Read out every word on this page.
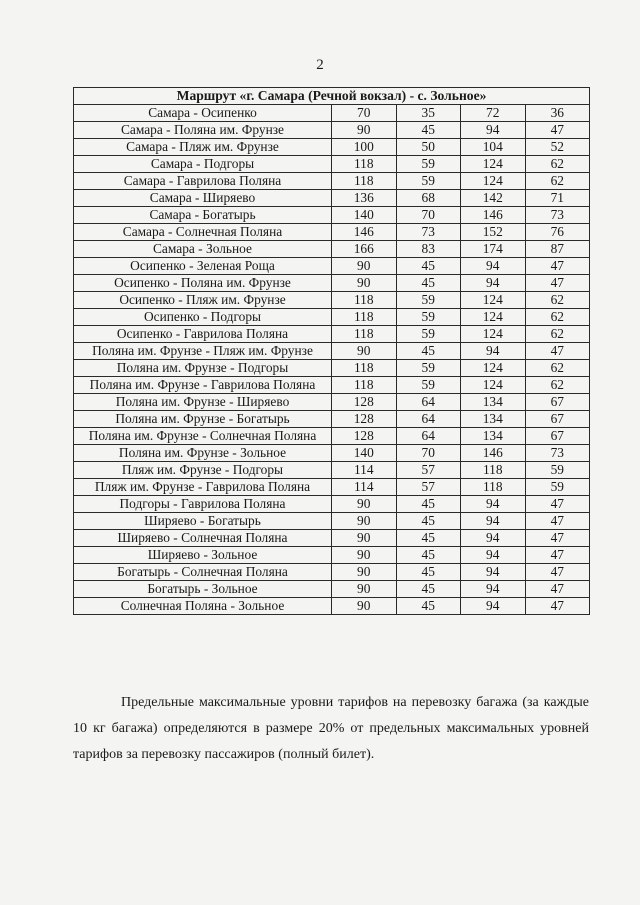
2
Маршрут «г. Самара (Речной вокзал) - с. Зольное»				
Самара - Осипенко	70	35	72	36
Самара - Поляна им. Фрунзе	90	45	94	47
Самара - Пляж им. Фрунзе	100	50	104	52
Самара - Подгоры	118	59	124	62
Самара - Гаврилова Поляна	118	59	124	62
Самара - Ширяево	136	68	142	71
Самара - Богатырь	140	70	146	73
Самара - Солнечная Поляна	146	73	152	76
Самара - Зольное	166	83	174	87
Осипенко - Зеленая Роща	90	45	94	47
Осипенко - Поляна им. Фрунзе	90	45	94	47
Осипенко - Пляж им. Фрунзе	118	59	124	62
Осипенко - Подгоры	118	59	124	62
Осипенко - Гаврилова Поляна	118	59	124	62
Поляна им. Фрунзе - Пляж им. Фрунзе	90	45	94	47
Поляна им. Фрунзе - Подгоры	118	59	124	62
Поляна им. Фрунзе - Гаврилова Поляна	118	59	124	62
Поляна им. Фрунзе - Ширяево	128	64	134	67
Поляна им. Фрунзе - Богатырь	128	64	134	67
Поляна им. Фрунзе - Солнечная Поляна	128	64	134	67
Поляна им. Фрунзе - Зольное	140	70	146	73
Пляж им. Фрунзе - Подгоры	114	57	118	59
Пляж им. Фрунзе - Гаврилова Поляна	114	57	118	59
Подгоры - Гаврилова Поляна	90	45	94	47
Ширяево - Богатырь	90	45	94	47
Ширяево - Солнечная Поляна	90	45	94	47
Ширяево - Зольное	90	45	94	47
Богатырь - Солнечная Поляна	90	45	94	47
Богатырь - Зольное	90	45	94	47
Солнечная Поляна - Зольное	90	45	94	47
Предельные максимальные уровни тарифов на перевозку багажа (за каждые 10 кг багажа) определяются в размере 20% от предельных максимальных уровней тарифов за перевозку пассажиров (полный билет).
